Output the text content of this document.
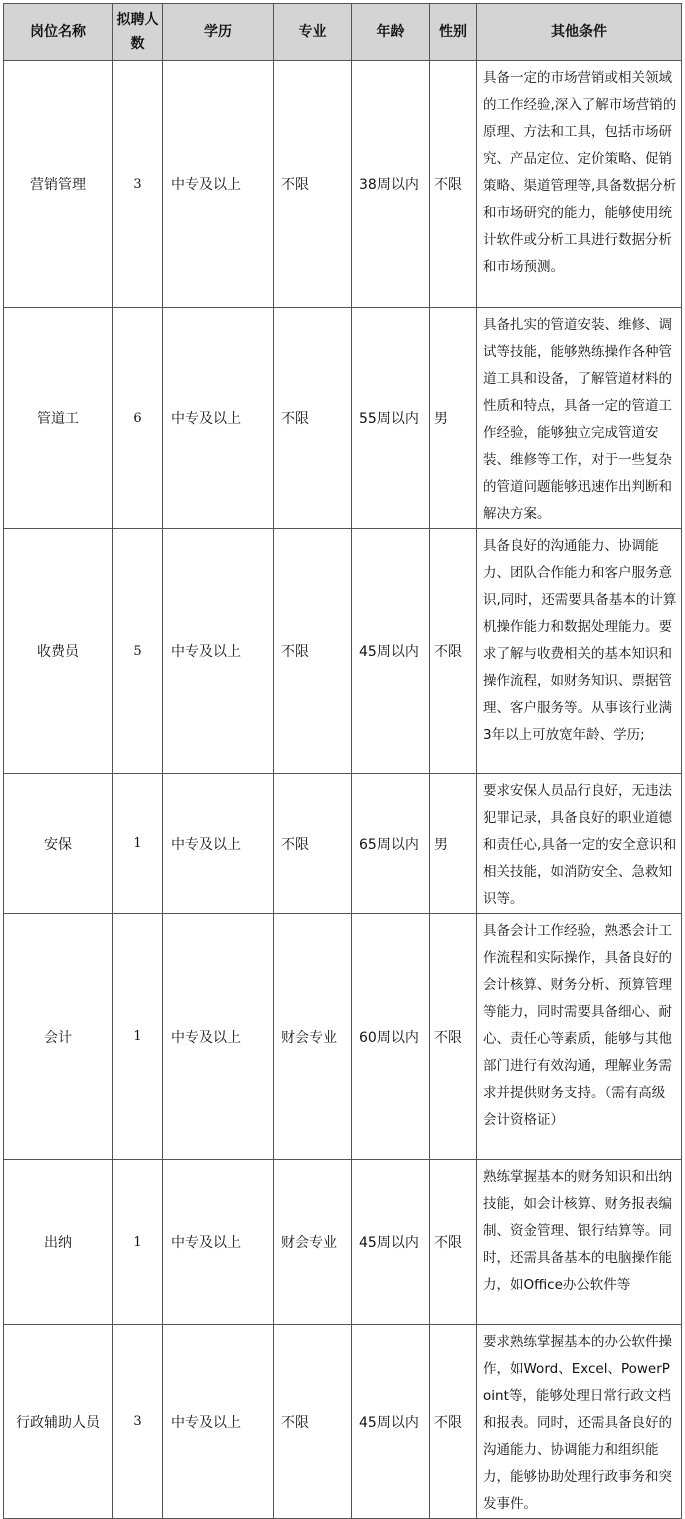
岗位名称	拟聘人数	学历	专业	年龄	性别	其他条件
营销管理	3	中专及以上	不限	38周以内	不限	具备一定的市场营销或相关领域的工作经验,深入了解市场营销的原理、方法和工具，包括市场研究、产品定位、定价策略、促销策略、渠道管理等,具备数据分析和市场研究的能力，能够使用统计软件或分析工具进行数据分析和市场预测。
管道工	6	中专及以上	不限	55周以内	男	具备扎实的管道安装、维修、调试等技能，能够熟练操作各种管道工具和设备，了解管道材料的性质和特点，具备一定的管道工作经验，能够独立完成管道安装、维修等工作，对于一些复杂的管道问题能够迅速作出判断和解决方案。
收费员	5	中专及以上	不限	45周以内	不限	具备良好的沟通能力、协调能力、团队合作能力和客户服务意识,同时，还需要具备基本的计算机操作能力和数据处理能力。要求了解与收费相关的基本知识和操作流程，如财务知识、票据管理、客户服务等。从事该行业满3年以上可放宽年龄、学历;
安保	1	中专及以上	不限	65周以内	男	要求安保人员品行良好，无违法犯罪记录，具备良好的职业道德和责任心,具备一定的安全意识和相关技能，如消防安全、急救知识等。
会计	1	中专及以上	财会专业	60周以内	不限	具备会计工作经验，熟悉会计工作流程和实际操作，具备良好的会计核算、财务分析、预算管理等能力，同时需要具备细心、耐心、责任心等素质，能够与其他部门进行有效沟通，理解业务需求并提供财务支持。（需有高级会计资格证）
出纳	1	中专及以上	财会专业	45周以内	不限	熟练掌握基本的财务知识和出纳技能，如会计核算、财务报表编制、资金管理、银行结算等。同时，还需具备基本的电脑操作能力，如Office办公软件等
行政辅助人员	3	中专及以上	不限	45周以内	不限	要求熟练掌握基本的办公软件操作，如Word、Excel、PowerPoint等，能够处理日常行政文档和报表。同时，还需具备良好的沟通能力、协调能力和组织能力，能够协助处理行政事务和突发事件。
